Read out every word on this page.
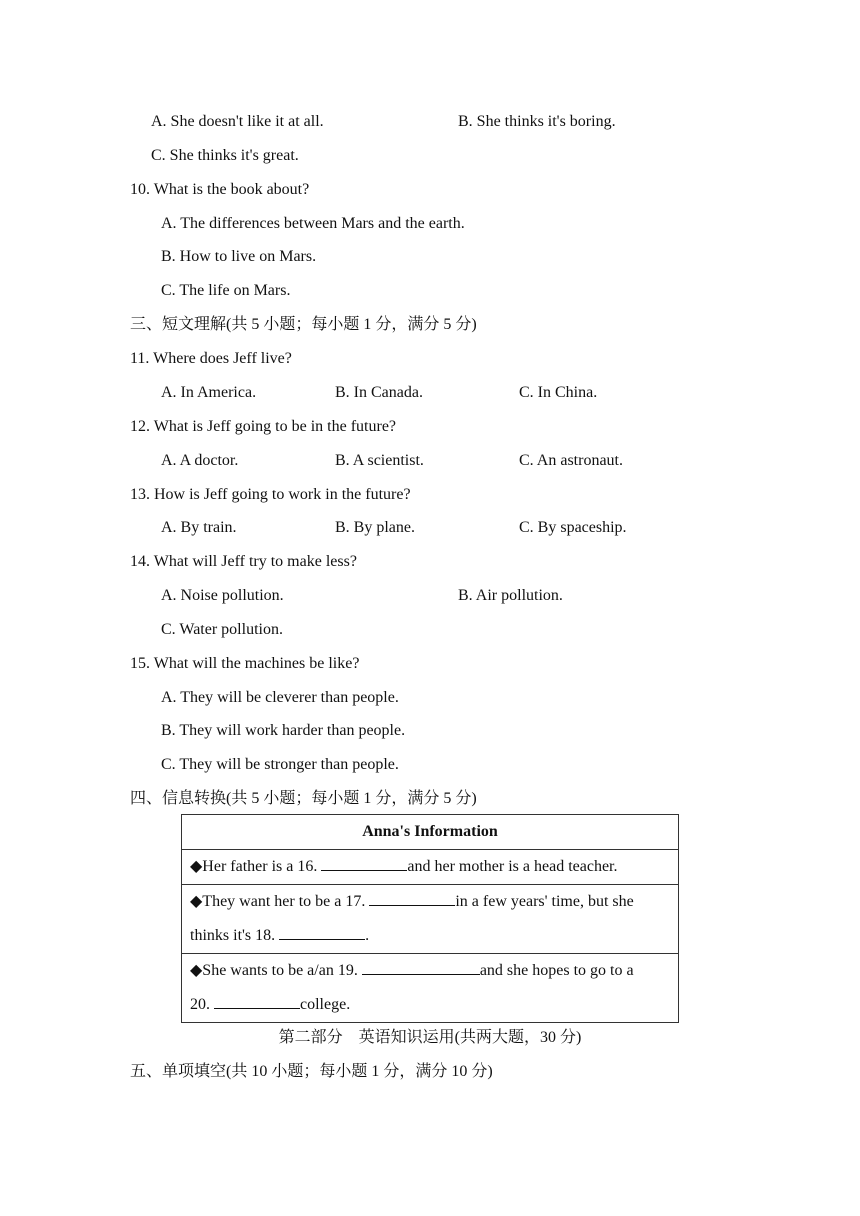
A. She doesn't like it at all.	B. She thinks it's boring.
C. She thinks it's great.
10. What is the book about?
A. The differences between Mars and the earth.
B. How to live on Mars.
C. The life on Mars.
三、短文理解(共 5 小题；每小题 1 分，满分 5 分)
11. Where does Jeff live?
A. In America.	B. In Canada.	C. In China.
12. What is Jeff going to be in the future?
A. A doctor.	B. A scientist.	C. An astronaut.
13. How is Jeff going to work in the future?
A. By train.	B. By plane.	C. By spaceship.
14. What will Jeff try to make less?
A. Noise pollution.	B. Air pollution.
C. Water pollution.
15. What will the machines be like?
A. They will be cleverer than people.
B. They will work harder than people.
C. They will be stronger than people.
四、信息转换(共 5 小题；每小题 1 分，满分 5 分)
Anna's Information
◆Her father is a 16.	and her mother is a head teacher.

◆They want her to be a 17.	in a few years' time, but she
thinks it's 18.	.

◆She wants to be a/an 19.	and she hopes to go to a
20.	college.
第二部分　英语知识运用(共两大题，30 分)
五、单项填空(共 10 小题；每小题 1 分，满分 10 分)
